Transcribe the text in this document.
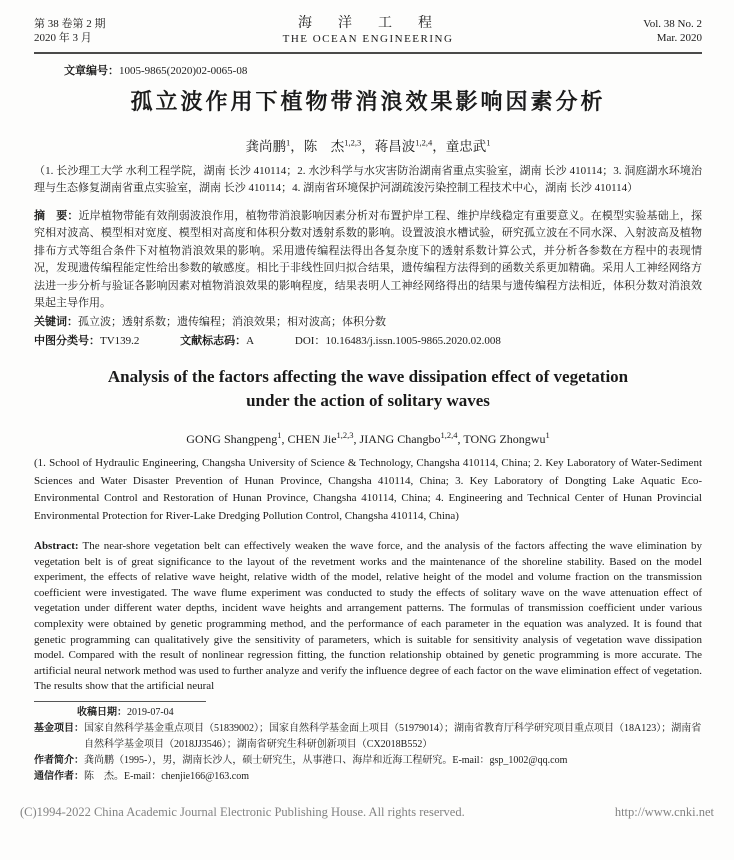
第 38 卷第 2 期
2020 年 3 月
海　洋　工　程
THE OCEAN ENGINEERING
Vol. 38 No. 2
Mar. 2020
文章编号：1005-9865(2020)02-0065-08
孤立波作用下植物带消浪效果影响因素分析
龚尚鹏$^1$，陈　杰$^{1,2,3}$，蒋昌波$^{1,2,4}$，童忠武$^1$
（1. 长沙理工大学 水利工程学院，湖南 长沙 410114；2. 水沙科学与水灾害防治湖南省重点实验室，湖南 长沙 410114；3. 洞庭湖水环境治理与生态修复湖南省重点实验室，湖南 长沙 410114；4. 湖南省环境保护河湖疏浚污染控制工程技术中心，湖南 长沙 410114）
摘　要：近岸植物带能有效削弱波浪作用，植物带消浪影响因素分析对布置护岸工程、维护岸线稳定有重要意义。在模型实验基础上，探究相对波高、模型相对宽度、模型相对高度和体积分数对透射系数的影响。设置波浪水槽试验，研究孤立波在不同水深、入射波高及植物排布方式等组合条件下对植物消浪效果的影响。采用遗传编程法得出各复杂度下的透射系数计算公式，并分析各参数在方程中的表现情况，发现遗传编程能定性给出参数的敏感度。相比于非线性回归拟合结果，遗传编程方法得到的函数关系更加精确。采用人工神经网络方法进一步分析与验证各影响因素对植物消浪效果的影响程度，结果表明人工神经网络得出的结果与遗传编程方法相近，体积分数对消浪效果起主导作用。
关键词：孤立波；透射系数；遗传编程；消浪效果；相对波高；体积分数
中图分类号：TV139.2	文献标志码：A	DOI：10.16483/j.issn.1005-9865.2020.02.008
Analysis of the factors affecting the wave dissipation effect of vegetation under the action of solitary waves
GONG Shangpeng$^1$, CHEN Jie$^{1,2,3}$, JIANG Changbo$^{1,2,4}$, TONG Zhongwu$^1$
(1. School of Hydraulic Engineering, Changsha University of Science & Technology, Changsha 410114, China; 2. Key Laboratory of Water-Sediment Sciences and Water Disaster Prevention of Hunan Province, Changsha 410114, China; 3. Key Laboratory of Dongting Lake Aquatic Eco-Environmental Control and Restoration of Hunan Province, Changsha 410114, China; 4. Engineering and Technical Center of Hunan Provincial Environmental Protection for River-Lake Dredging Pollution Control, Changsha 410114, China)
Abstract: The near-shore vegetation belt can effectively weaken the wave force, and the analysis of the factors affecting the wave elimination by vegetation belt is of great significance to the layout of the revetment works and the maintenance of the shoreline stability. Based on the model experiment, the effects of relative wave height, relative width of the model, relative height of the model and volume fraction on the transmission coefficient were investigated. The wave flume experiment was conducted to study the effects of solitary wave on the wave attenuation effect of vegetation under different water depths, incident wave heights and arrangement patterns. The formulas of transmission coefficient under various complexity were obtained by genetic programming method, and the performance of each parameter in the equation was analyzed. It is found that genetic programming can qualitatively give the sensitivity of parameters, which is suitable for sensitivity analysis of vegetation wave dissipation model. Compared with the result of nonlinear regression fitting, the function relationship obtained by genetic programming is more accurate. The artificial neural network method was used to further analyze and verify the influence degree of each factor on the wave elimination effect of vegetation. The results show that the artificial neural
收稿日期：2019-07-04
基金项目：国家自然科学基金重点项目（51839002）；国家自然科学基金面上项目（51979014）；湖南省教育厅科学研究项目重点项目（18A123）；湖南省自然科学基金项目（2018JJ3546）；湖南省研究生科研创新项目（CX2018B552）
作者简介：龚尚鹏（1995-），男，湖南长沙人，硕士研究生，从事港口、海岸和近海工程研究。E-mail：gsp_1002@qq.com
通信作者：陈　杰。E-mail：chenjie166@163.com
(C)1994-2022 China Academic Journal Electronic Publishing House. All rights reserved.	http://www.cnki.net
